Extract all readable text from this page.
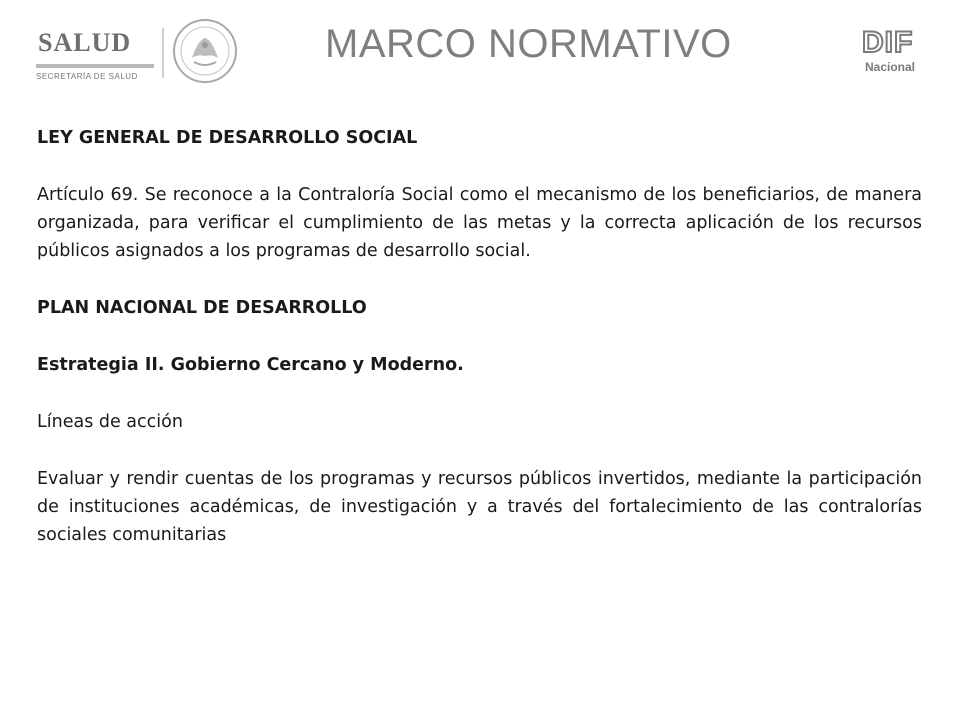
SALUD
SECRETARÍA DE SALUD
MARCO NORMATIVO	DIF
Nacional

LEY GENERAL DE DESARROLLO SOCIAL

Artículo 69. Se reconoce a la Contraloría Social como el mecanismo de los beneficiarios, de manera organizada, para verificar el cumplimiento de las metas y la correcta aplicación de los recursos públicos asignados a los programas de desarrollo social.

PLAN NACIONAL DE DESARROLLO

Estrategia II. Gobierno Cercano y Moderno.

Líneas de acción

Evaluar y rendir cuentas de los programas y recursos públicos invertidos, mediante la participación de instituciones académicas, de investigación y a través del fortalecimiento de las contralorías sociales comunitarias
